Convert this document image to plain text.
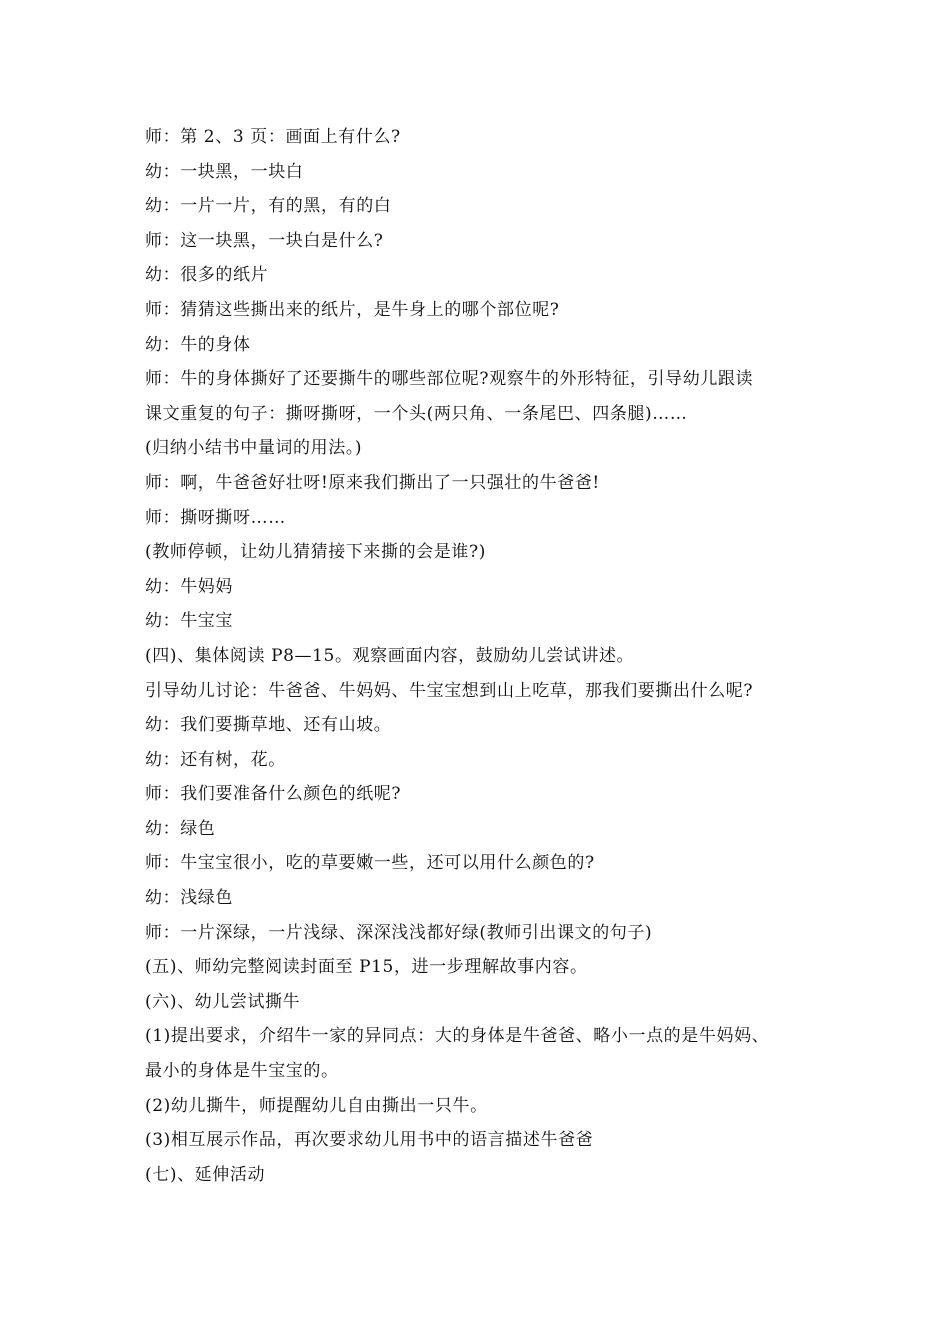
师：第 2、3 页：画面上有什么?
幼：一块黑，一块白
幼：一片一片，有的黑，有的白
师：这一块黑，一块白是什么?
幼：很多的纸片
师：猜猜这些撕出来的纸片，是牛身上的哪个部位呢?
幼：牛的身体
师：牛的身体撕好了还要撕牛的哪些部位呢?观察牛的外形特征，引导幼儿跟读
课文重复的句子：撕呀撕呀，一个头(两只角、一条尾巴、四条腿)……
(归纳小结书中量词的用法。)
师：啊，牛爸爸好壮呀!原来我们撕出了一只强壮的牛爸爸!
师：撕呀撕呀……
(教师停顿，让幼儿猜猜接下来撕的会是谁?)
幼：牛妈妈
幼：牛宝宝
(四)、集体阅读 P8—15。观察画面内容，鼓励幼儿尝试讲述。
引导幼儿讨论：牛爸爸、牛妈妈、牛宝宝想到山上吃草，那我们要撕出什么呢?
幼：我们要撕草地、还有山坡。
幼：还有树，花。
师：我们要准备什么颜色的纸呢?
幼：绿色
师：牛宝宝很小，吃的草要嫩一些，还可以用什么颜色的?
幼：浅绿色
师：一片深绿，一片浅绿、深深浅浅都好绿(教师引出课文的句子)
(五)、师幼完整阅读封面至 P15，进一步理解故事内容。
(六)、幼儿尝试撕牛
(1)提出要求，介绍牛一家的异同点：大的身体是牛爸爸、略小一点的是牛妈妈、
最小的身体是牛宝宝的。
(2)幼儿撕牛，师提醒幼儿自由撕出一只牛。
(3)相互展示作品，再次要求幼儿用书中的语言描述牛爸爸
(七)、延伸活动
